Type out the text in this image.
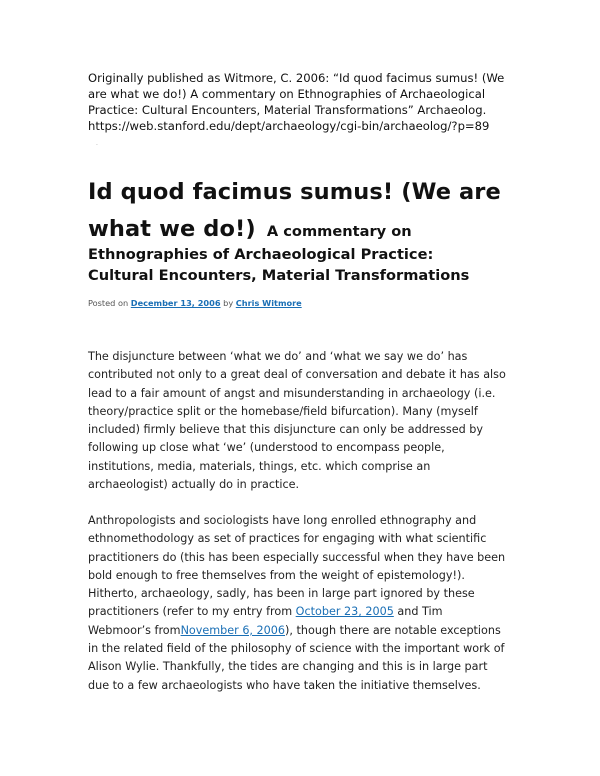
Originally published as Witmore, C. 2006: “Id quod facimus sumus! (We
are what we do!) A commentary on Ethnographies of Archaeological
Practice: Cultural Encounters, Material Transformations” Archaeolog.
https://web.stanford.edu/dept/archaeology/cgi-bin/archaeolog/?p=89

·
Id quod facimus sumus! (We are
what we do!) A commentary on
Ethnographies of Archaeological Practice:
Cultural Encounters, Material Transformations
Posted on December 13, 2006 by Chris Witmore

The disjuncture between ‘what we do’ and ‘what we say we do’ has
contributed not only to a great deal of conversation and debate it has also
lead to a fair amount of angst and misunderstanding in archaeology (i.e.
theory/practice split or the homebase/field bifurcation). Many (myself
included) firmly believe that this disjuncture can only be addressed by
following up close what ‘we’ (understood to encompass people,
institutions, media, materials, things, etc. which comprise an
archaeologist) actually do in practice.

Anthropologists and sociologists have long enrolled ethnography and
ethnomethodology as set of practices for engaging with what scientific
practitioners do (this has been especially successful when they have been
bold enough to free themselves from the weight of epistemology!).
Hitherto, archaeology, sadly, has been in large part ignored by these
practitioners (refer to my entry from October 23, 2005 and Tim
Webmoor’s fromNovember 6, 2006), though there are notable exceptions
in the related field of the philosophy of science with the important work of
Alison Wylie. Thankfully, the tides are changing and this is in large part
due to a few archaeologists who have taken the initiative themselves.
